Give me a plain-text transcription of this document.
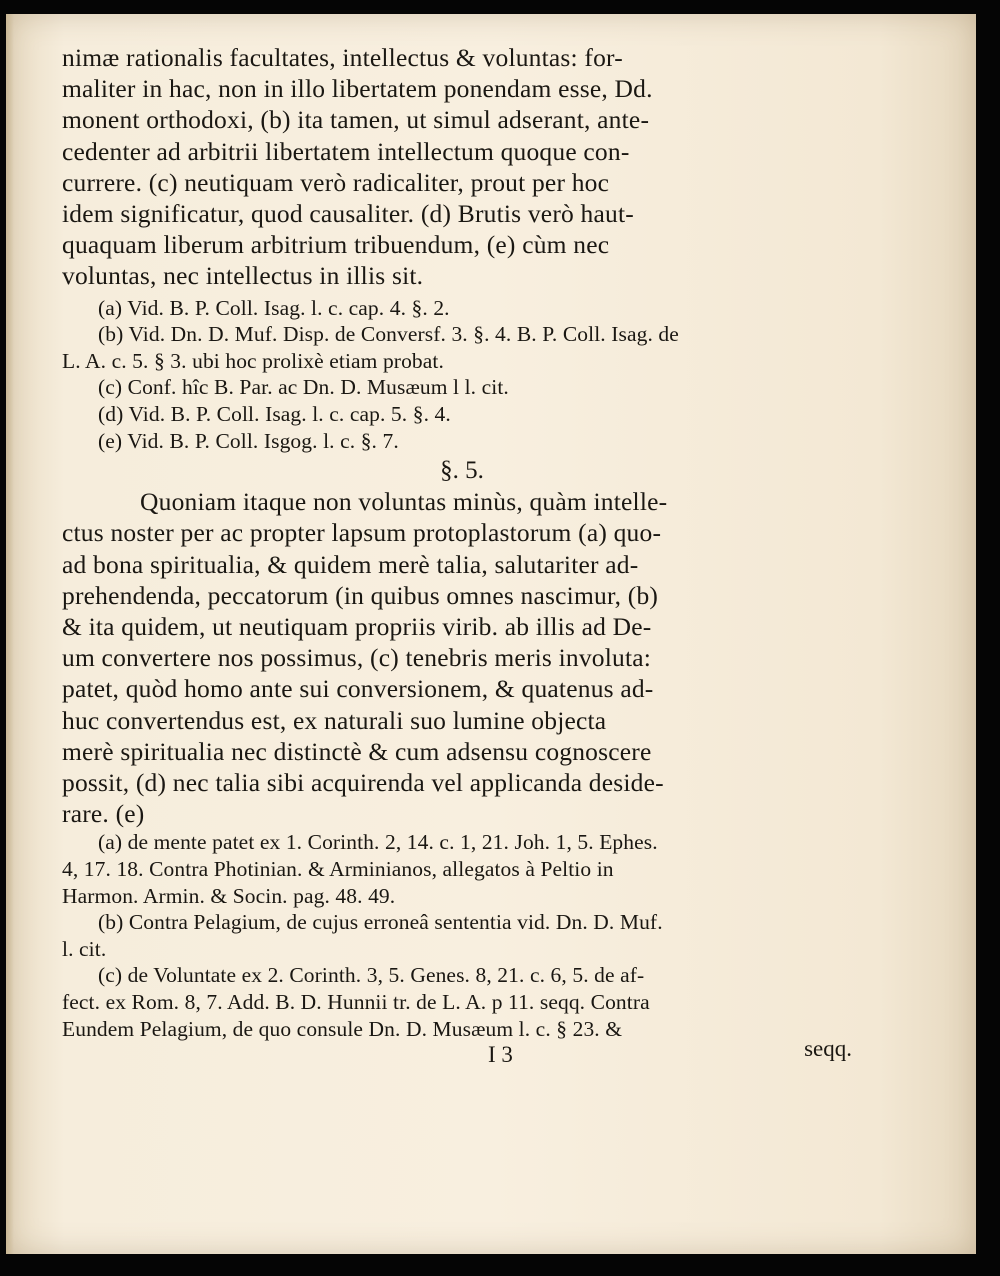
nimæ rationalis facultates, intellectus & voluntas: for-
maliter in hac, non in illo libertatem ponendam esse, Dd.
monent orthodoxi, (b) ita tamen, ut simul adserant, ante-
cedenter ad arbitrii libertatem intellectum quoque con-
currere. (c) neutiquam verò radicaliter, prout per hoc
idem significatur, quod causaliter. (d) Brutis verò haut-
quaquam liberum arbitrium tribuendum, (e) cùm nec
voluntas, nec intellectus in illis sit.
(a) Vid. B. P. Coll. Isag. l. c. cap. 4. §. 2.
(b) Vid. Dn. D. Muf. Disp. de Conversf. 3. §. 4. B. P. Coll. Isag. de
L. A. c. 5. § 3. ubi hoc prolixè etiam probat.
(c) Conf. hîc B. Par. ac Dn. D. Musæum l l. cit.
(d) Vid. B. P. Coll. Isag. l. c. cap. 5. §. 4.
(e) Vid. B. P. Coll. Isgog. l. c. §. 7.
§. 5.
Quoniam itaque non voluntas minùs, quàm intelle-
ctus noster per ac propter lapsum protoplastorum (a) quo-
ad bona spiritualia, & quidem merè talia, salutariter ad-
prehendenda, peccatorum (in quibus omnes nascimur, (b)
& ita quidem, ut neutiquam propriis virib. ab illis ad De-
um convertere nos possimus, (c) tenebris meris involuta:
patet, quòd homo ante sui conversionem, & quatenus ad-
huc convertendus est, ex naturali suo lumine objecta
merè spiritualia nec distinctè & cum adsensu cognoscere
possit, (d) nec talia sibi acquirenda vel applicanda deside-
rare. (e)
(a) de mente patet ex 1. Corinth. 2, 14. c. 1, 21. Joh. 1, 5. Ephes.
4, 17. 18. Contra Photinian. & Arminianos, allegatos à Peltio in
Harmon. Armin. & Socin. pag. 48. 49.
(b) Contra Pelagium, de cujus erroneâ sententia vid. Dn. D. Muf.
l. cit.
(c) de Voluntate ex 2. Corinth. 3, 5. Genes. 8, 21. c. 6, 5. de af-
fect. ex Rom. 8, 7. Add. B. D. Hunnii tr. de L. A. p 11. seqq. Contra
Eundem Pelagium, de quo consule Dn. D. Musæum l. c. § 23. &
I 3	seqq.
